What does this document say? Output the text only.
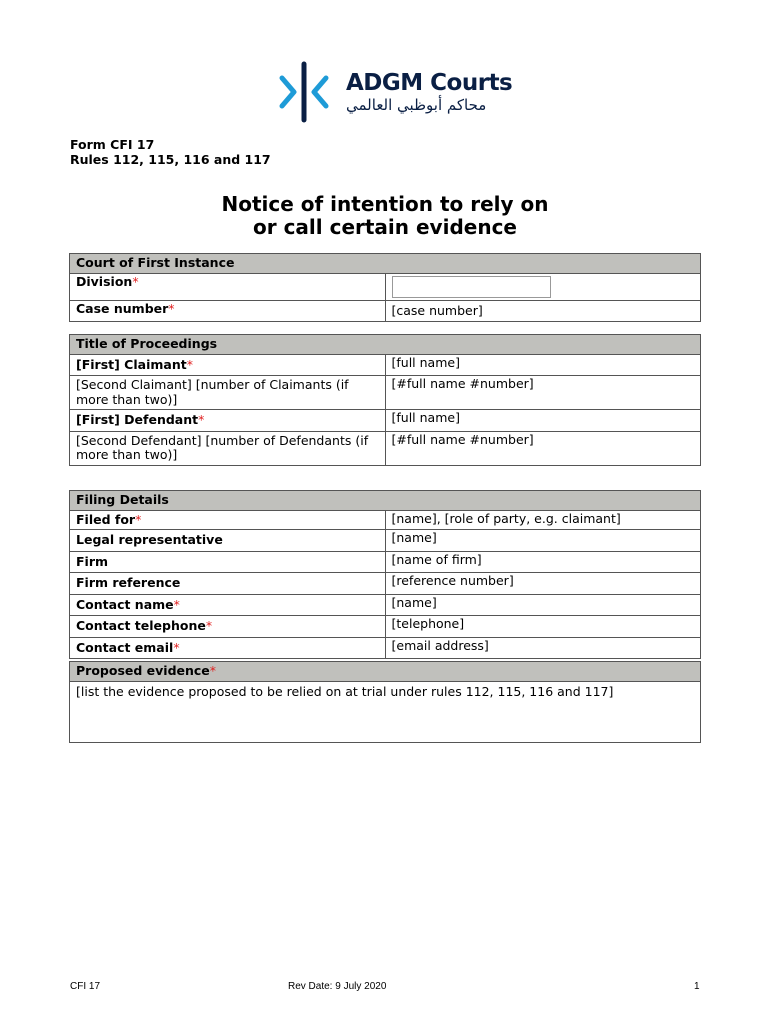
ADGM Courts
محاكم أبوظبي العالمي
Form CFI 17
Rules 112, 115, 116 and 117
Notice of intention to rely on
or call certain evidence
Court of First Instance	
Division*	
Case number*	[case number]
Title of Proceedings	
[First] Claimant*	[full name]
[Second Claimant] [number of Claimants (if more than two)]	[#full name #number]
[First] Defendant*	[full name]
[Second Defendant] [number of Defendants (if more than two)]	[#full name #number]
Filing Details	
Filed for*	[name], [role of party, e.g. claimant]
Legal representative	[name]
Firm	[name of firm]
Firm reference	[reference number]
Contact name*	[name]
Contact telephone*	[telephone]
Contact email*	[email address]
Proposed evidence*
[list the evidence proposed to be relied on at trial under rules 112, 115, 116 and 117]
CFI 17	Rev Date: 9 July 2020	1
